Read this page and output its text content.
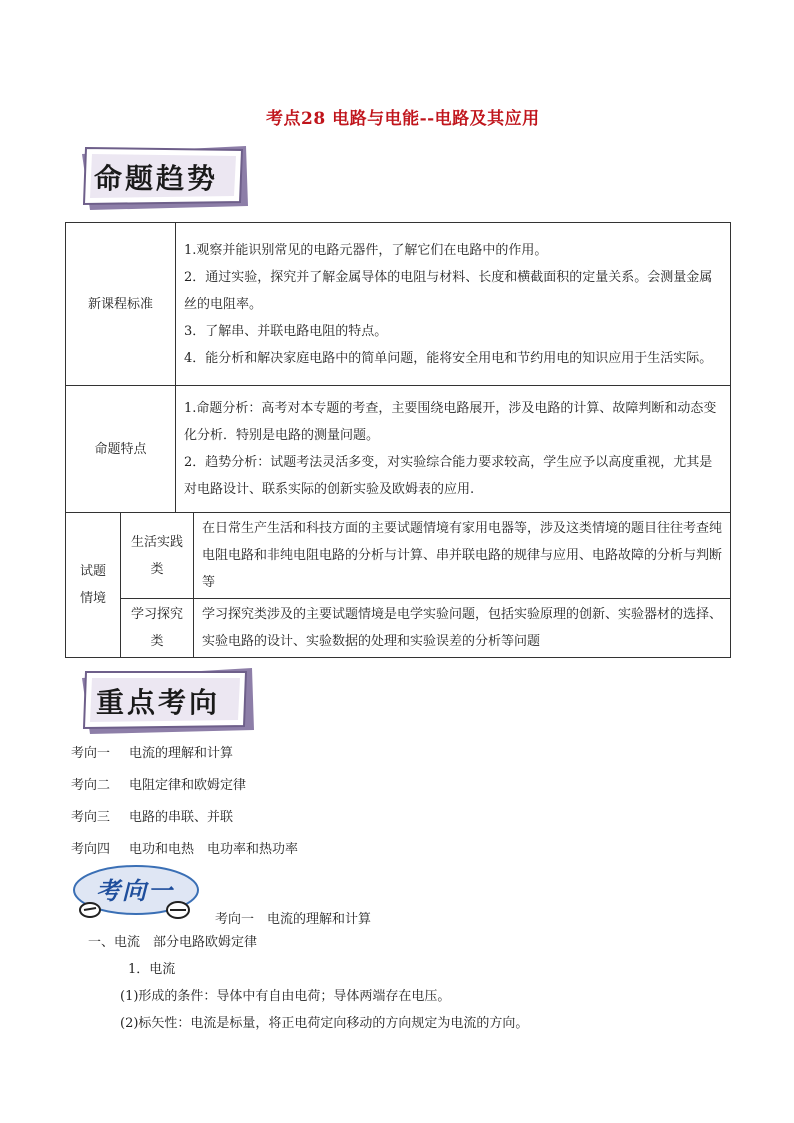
考点28 电路与电能--电路及其应用
命题趋势
新课程标准		1.观察并能识别常见的电路元器件，了解它们在电路中的作用。

2．通过实验，探究并了解金属导体的电阻与材料、长度和横截面积的定量关系。会测量金属丝的电阻率。

3．了解串、并联电路电阻的特点。

4．能分析和解决家庭电路中的简单问题，能将安全用电和节约用电的知识应用于生活实际。	

命题特点		1.命题分析：高考对本专题的考查，主要围绕电路展开，涉及电路的计算、故障判断和动态变化分析．特别是电路的测量问题。

2．趋势分析：试题考法灵活多变，对实验综合能力要求较高，学生应予以高度重视，尤其是对电路设计、联系实际的创新实验及欧姆表的应用.	

试题情境	生活实践类		在日常生产生活和科技方面的主要试题情境有家用电器等，涉及这类情境的题目往往考查纯电阻电路和非纯电阻电路的分析与计算、串并联电路的规律与应用、电路故障的分析与判断等
	学习探究类		学习探究类涉及的主要试题情境是电学实验问题，包括实验原理的创新、实验器材的选择、实验电路的设计、实验数据的处理和实验误差的分析等问题
重点考向
考向一 电流的理解和计算
考向二 电阻定律和欧姆定律
考向三 电路的串联、并联
考向四 电功和电热　电功率和热功率
考向一
考向一　电流的理解和计算
一、电流　部分电路欧姆定律
1．电流
(1)形成的条件：导体中有自由电荷；导体两端存在电压。
(2)标矢性：电流是标量，将正电荷定向移动的方向规定为电流的方向。
